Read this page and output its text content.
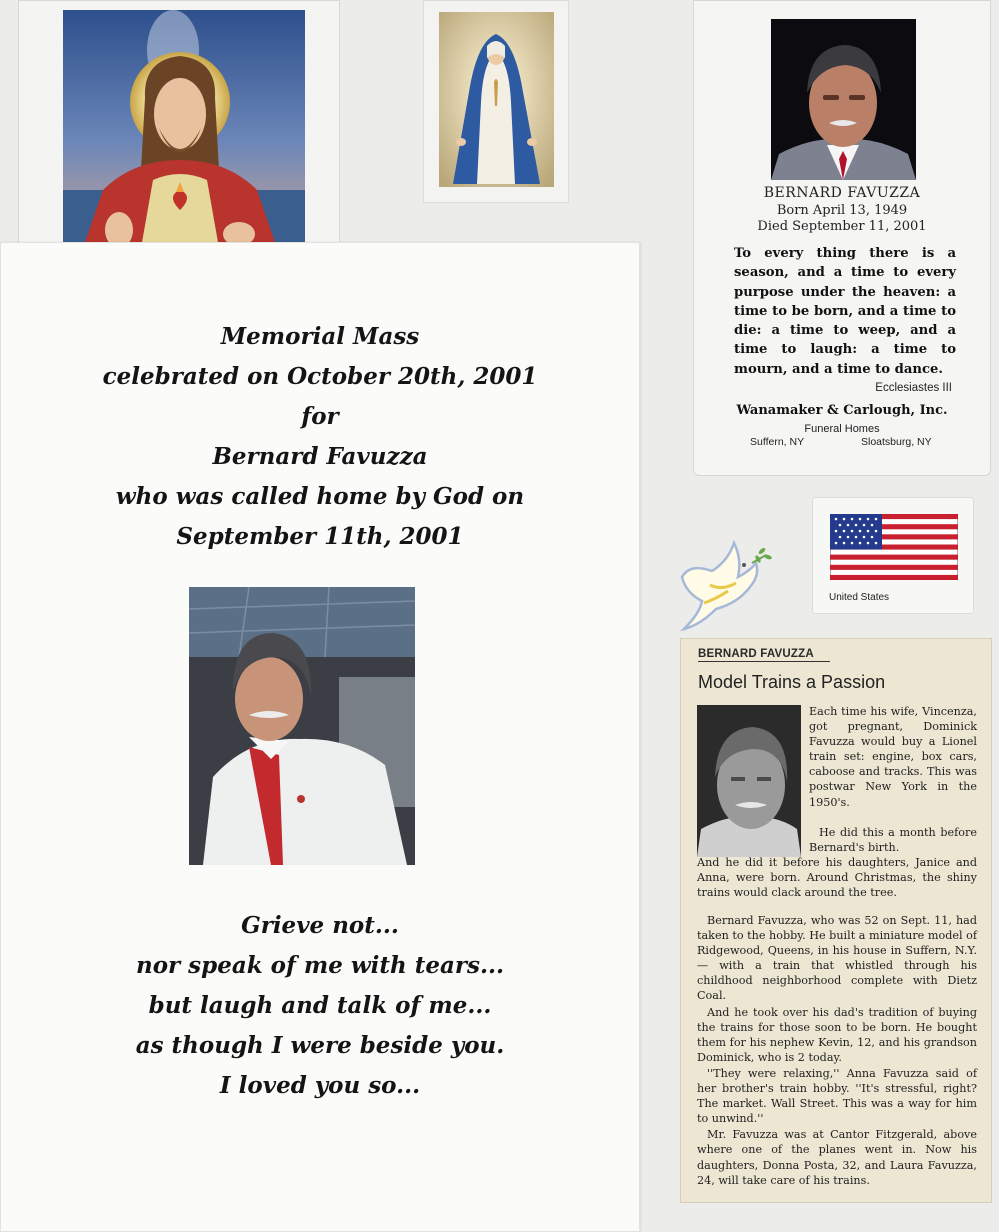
BERNARD FAVUZZA
Born April 13, 1949
Died September 11, 2001
To every thing there is a season, and a time to every purpose under the heaven: a time to be born, and a time to die: a time to weep, and a time to laugh: a time to mourn, and a time to dance.
Ecclesiastes III
Wanamaker & Carlough, Inc.
Funeral Homes
Suffern, NY	Sloatsburg, NY
Memorial Mass
celebrated on October 20th, 2001
for
Bernard Favuzza
who was called home by God on
September 11th, 2001
Grieve not...
nor speak of me with tears...
but laugh and talk of me...
as though I were beside you.
I loved you so...
United States
BERNARD FAVUZZA
Model Trains a Passion

Each time his wife, Vincenza, got pregnant, Dominick Favuzza would buy a Lionel train set: engine, box cars, caboose and tracks. This was postwar New York in the 1950's.

He did this a month before Bernard's birth.

And he did it before his daughters, Janice and Anna, were born. Around Christmas, the shiny trains would clack around the tree.

Bernard Favuzza, who was 52 on Sept. 11, had taken to the hobby. He built a miniature model of Ridgewood, Queens, in his house in Suffern, N.Y. — with a train that whistled through his childhood neighborhood complete with Dietz Coal.

And he took over his dad's tradition of buying the trains for those soon to be born. He bought them for his nephew Kevin, 12, and his grandson Dominick, who is 2 today.

''They were relaxing,'' Anna Favuzza said of her brother's train hobby. ''It's stressful, right? The market. Wall Street. This was a way for him to unwind.''

Mr. Favuzza was at Cantor Fitzgerald, above where one of the planes went in. Now his daughters, Donna Posta, 32, and Laura Favuzza, 24, will take care of his trains.
